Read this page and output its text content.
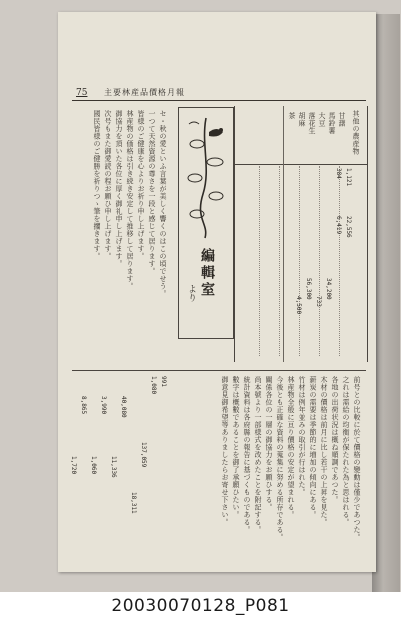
75 主要林産品價格月報
セ・秋の愛といふ言葉が美しく響くのはこの頃でせう。
一つて天然資源の尊さを一段と感じて居ります。
皆様のご健康を心よりお祈り申し上げます。
林産物の価格は引き続き安定して推移して居ります。
御協力を頂いた各位に厚く御礼申し上げます。
次号もまた御愛読の程お願ひ申し上げます。
國民皆様のご健勝を祈りつゝ筆を擱きます。
編輯室
より
其他の農産物
甘藷
馬鈴薯
大豆
落花生
胡麻
茶
1,121
22,556
384
6,419
34,200
733
56,300
4,500
前号との比較に於て價格の變動は僅少であつた。
之れは需給の均衡が保たれた為と思はれる。
各地の出荷状況は概ね順調であつた。
木材の價格は前月に比し若干の上昇を見た。
薪炭の需要は季節的に増加の傾向にある。
竹材は例年並みの取引が行はれた。
林産物全般に亘り價格の安定が望まれる。
今後とも正確な資料の蒐集に努める所存である。
關係各位の一層の御協力をお願ひする。
尚本號より一部様式を改めたことを附記する。
統計資料は各府縣の報告に基づくものである。
數字は概數であることを御了承願ひたい。
御意見御希望等ありましたらお寄せ下さい。
991
1,080
137,059
18,311
40,080
11,336
3,990
1,060
8,865
1,720
20030070128_P081
